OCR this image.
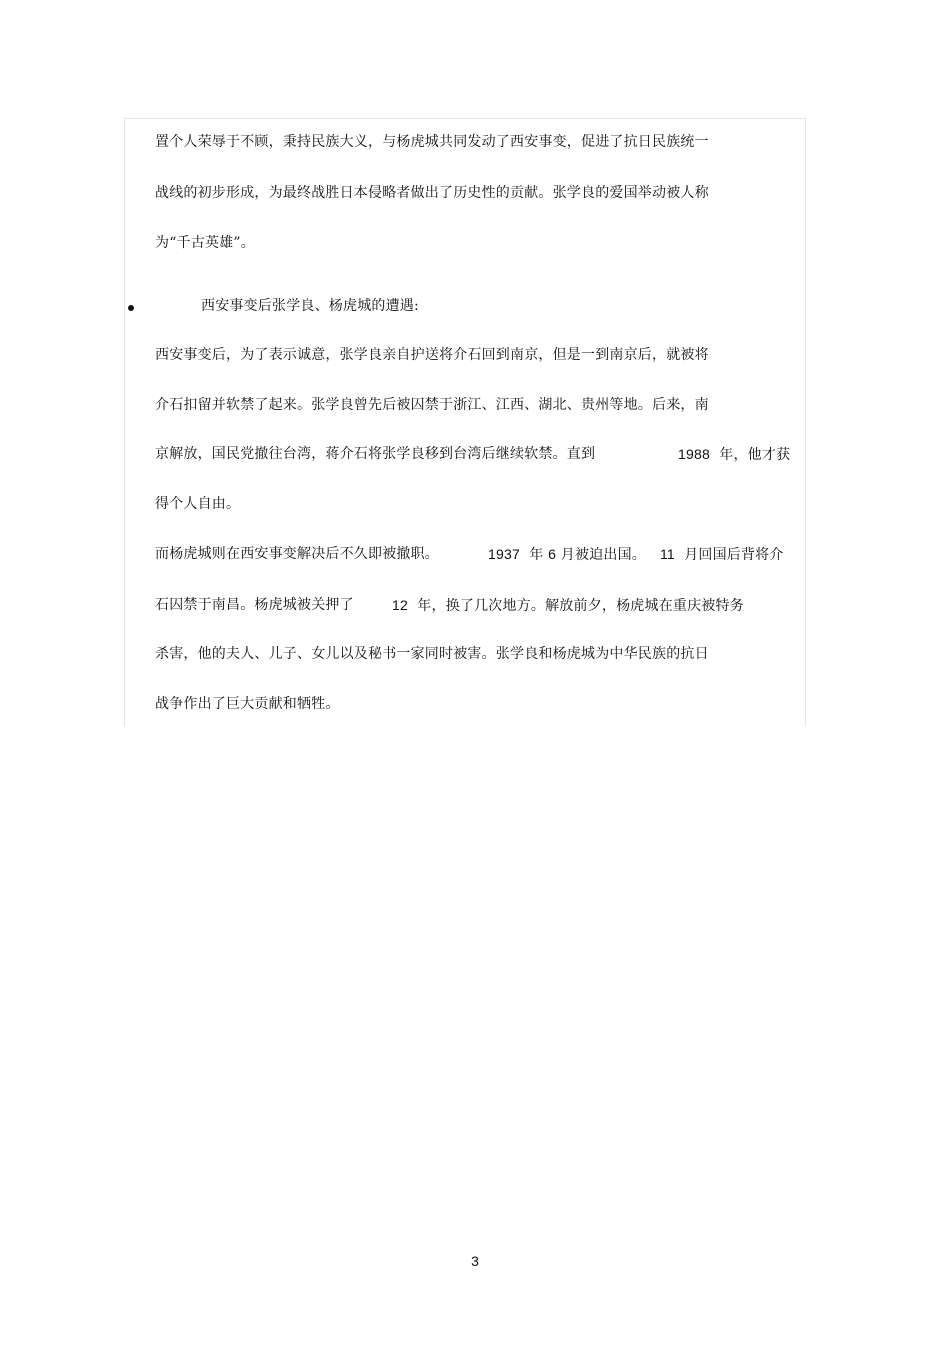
置个人荣辱于不顾，秉持民族大义，与杨虎城共同发动了西安事变，促进了抗日民族统一
战线的初步形成，为最终战胜日本侵略者做出了历史性的贡献。张学良的爱国举动被人称
为“千古英雄”。
西安事变后张学良、杨虎城的遭遇:
西安事变后，为了表示诚意，张学良亲自护送将介石回到南京，但是一到南京后，就被将
介石扣留并软禁了起来。张学良曾先后被囚禁于浙江、江西、湖北、贵州等地。后来，南
京解放，国民党撤往台湾，蒋介石将张学良移到台湾后继续软禁。直到	1988 年，他才获
得个人自由。
而杨虎城则在西安事变解决后不久即被撤职。	1937 年 6 月被迫出国。 11 月回国后背将介
石囚禁于南昌。杨虎城被关押了	12 年，换了几次地方。解放前夕，杨虎城在重庆被特务
杀害，他的夫人、儿子、女儿以及秘书一家同时被害。张学良和杨虎城为中华民族的抗日
战争作出了巨大贡献和牺牲。
3
